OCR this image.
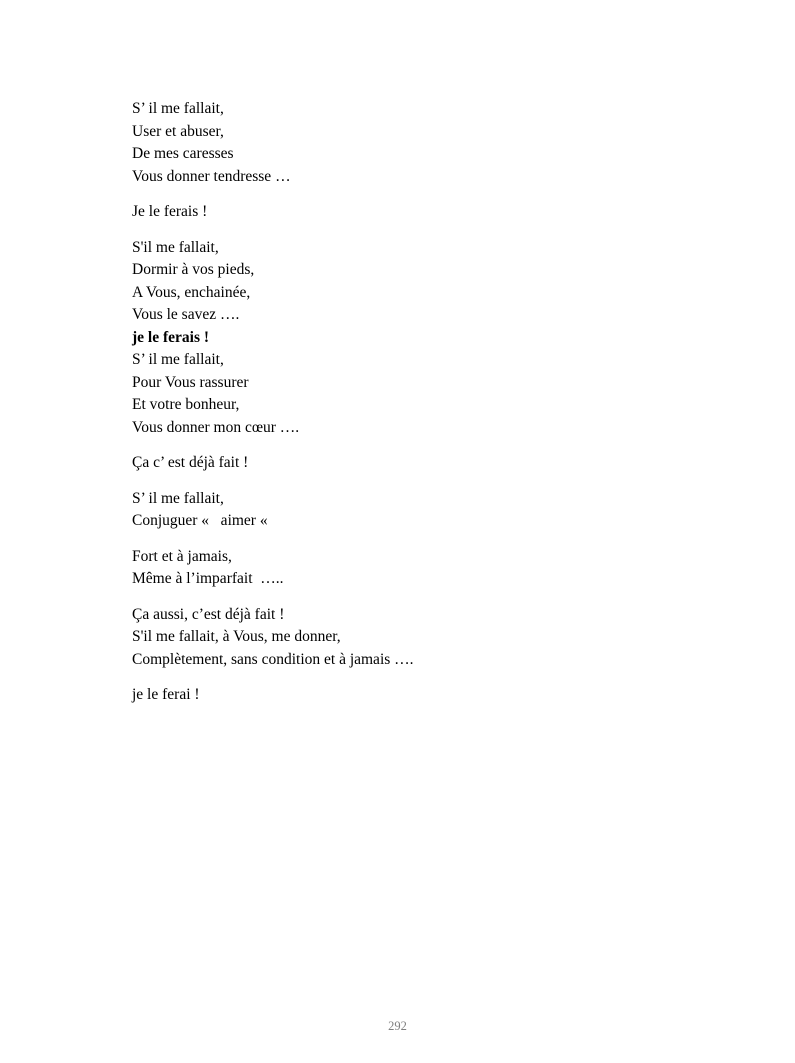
S’ il me fallait,
User et abuser,
De mes caresses
Vous donner tendresse …
Je le ferais !
S'il me fallait,
Dormir à vos pieds,
A Vous, enchainée,
Vous le savez ….
je le ferais !
S’ il me fallait,
Pour Vous rassurer
Et votre bonheur,
Vous donner mon cœur ….
Ça c’ est déjà fait !
S’ il me fallait,
Conjuguer «   aimer «
Fort et à jamais,
Même à l’imparfait  …..
Ça aussi, c’est déjà fait !
S'il me fallait, à Vous, me donner,
Complètement, sans condition et à jamais ….
je le ferai !
292
